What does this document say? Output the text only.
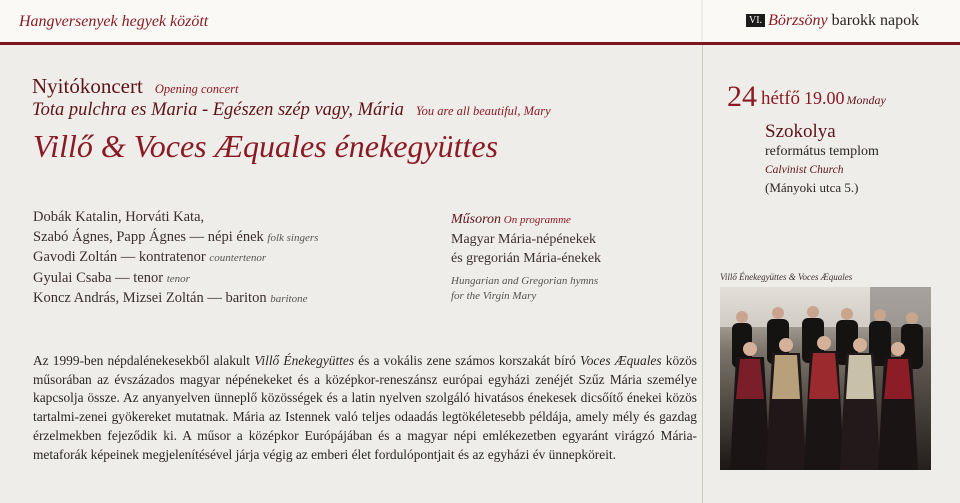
Hangversenyek hegyek között	VI. Börzsöny barokk napok
Nyitókoncert Opening concert
Tota pulchra es Maria - Egészen szép vagy, Mária You are all beautiful, Mary
Villő & Voces Æquales énekegyüttes
Dobák Katalin, Horváti Kata,
Szabó Ágnes, Papp Ágnes — népi ének folk singers
Gavodi Zoltán — kontratenor countertenor
Gyulai Csaba — tenor tenor
Koncz András, Mizsei Zoltán — bariton baritone
Műsoron On programme
Magyar Mária-népénekek
és gregorián Mária-énekek
Hungarian and Gregorian hymns
for the Virgin Mary
Az 1999-ben népdalénekesekből alakult Villő Énekegyüttes és a vokális zene számos korszakát bíró Voces Æquales közös műsorában az évszázados magyar népénekeket és a középkor-reneszánsz európai egyházi zenéjét Szűz Mária személye kapcsolja össze. Az anyanyelven ünneplő közösségek és a latin nyelven szolgáló hivatásos énekesek dicsőítő énekei közös tartalmi-zenei gyökereket mutatnak. Mária az Istennek való teljes odaadás legtökéletesebb példája, amely mély és gazdag érzelmekben fejeződik ki. A műsor a középkor Európájában és a magyar népi emlékezetben egyaránt virágzó Mária-metaforák képeinek megjelenítésével járja végig az emberi élet fordulópontjait és az egyházi év ünnepköreit.
24 hétfő 19.00 Monday
Szokolya
református templom
Calvinist Church
(Mányoki utca 5.)
Villő Énekegyüttes & Voces Æquales
